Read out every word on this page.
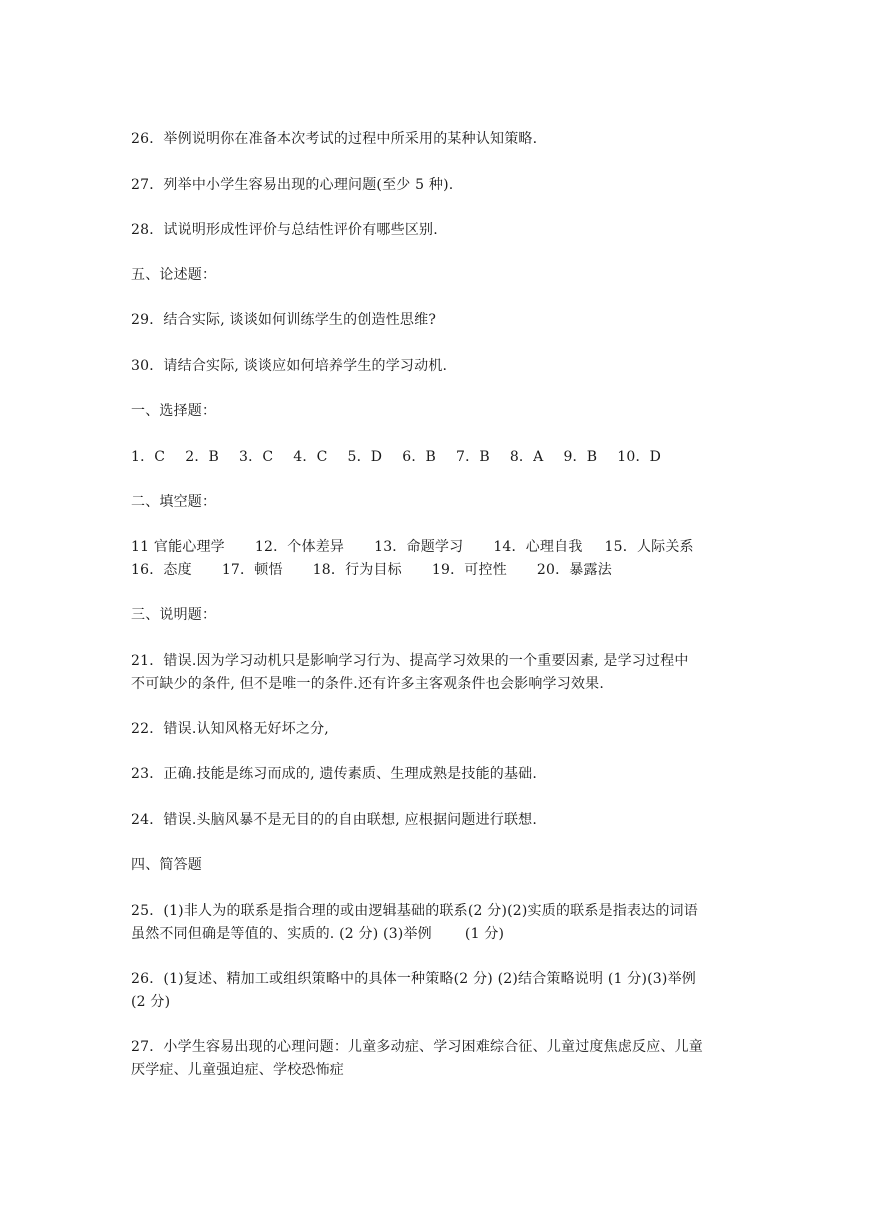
26．举例说明你在准备本次考试的过程中所采用的某种认知策略.
27．列举中小学生容易出现的心理问题(至少 5 种).
28．试说明形成性评价与总结性评价有哪些区别.
五、论述题：
29．结合实际, 谈谈如何训练学生的创造性思维?
30．请结合实际, 谈谈应如何培养学生的学习动机.
一、选择题：
1．C 2．B 3．C 4．C 5．D 6．B 7．B 8．A 9．B 10．D
二、填空题：
11 官能心理学 12．个体差异 13．命题学习 14．心理自我 15．人际关系
16．态度 17．顿悟 18．行为目标 19．可控性 20．暴露法
三、说明题：
21．错误.因为学习动机只是影响学习行为、提高学习效果的一个重要因素, 是学习过程中
不可缺少的条件, 但不是唯一的条件.还有许多主客观条件也会影响学习效果.
22．错误.认知风格无好坏之分,
23．正确.技能是练习而成的, 遗传素质、生理成熟是技能的基础.
24．错误.头脑风暴不是无目的的自由联想, 应根据问题进行联想.
四、简答题
25．(1)非人为的联系是指合理的或由逻辑基础的联系(2 分)(2)实质的联系是指表达的词语
虽然不同但确是等值的、实质的. (2 分) (3)举例 　　(1 分)
26．(1)复述、精加工或组织策略中的具体一种策略(2 分) (2)结合策略说明 (1 分)(3)举例
(2 分)
27．小学生容易出现的心理问题：儿童多动症、学习困难综合征、儿童过度焦虑反应、儿童
厌学症、儿童强迫症、学校恐怖症
